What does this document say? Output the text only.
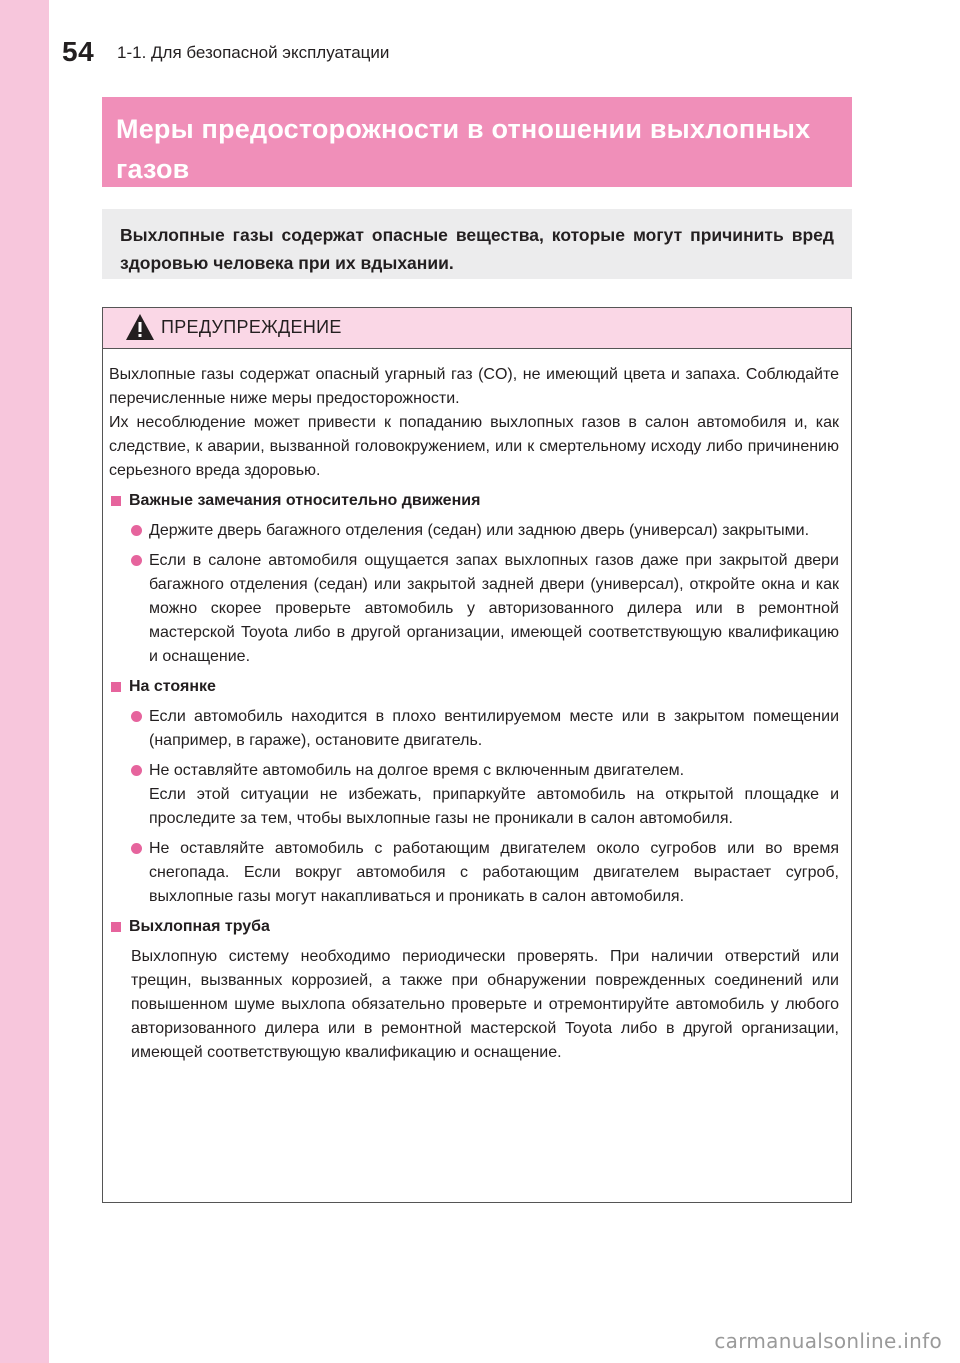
54 1-1. Для безопасной эксплуатации
Меры предосторожности в отношении выхлопных
газов
Выхлопные газы содержат опасные вещества, которые могут причинить вред здоровью человека при их вдыхании.
ПРЕДУПРЕЖДЕНИЕ

Выхлопные газы содержат опасный угарный газ (CO), не имеющий цвета и запаха. Соблюдайте перечисленные ниже меры предосторожности.

Их несоблюдение может привести к попаданию выхлопных газов в салон автомобиля и, как следствие, к аварии, вызванной головокружением, или к смертельному исходу либо причинению серьезного вреда здоровью.

Важные замечания относительно движения
Держите дверь багажного отделения (седан) или заднюю дверь (универсал) закрытыми.
Если в салоне автомобиля ощущается запах выхлопных газов даже при закрытой двери багажного отделения (седан) или закрытой задней двери (универсал), откройте окна и как можно скорее проверьте автомобиль у авторизованного дилера или в ремонтной мастерской Toyota либо в другой организации, имеющей соответствующую квалификацию и оснащение.
На стоянке
Если автомобиль находится в плохо вентилируемом месте или в закрытом помещении (например, в гараже), остановите двигатель.
Не оставляйте автомобиль на долгое время с включенным двигателем.
Если этой ситуации не избежать, припаркуйте автомобиль на открытой площадке и проследите за тем, чтобы выхлопные газы не проникали в салон автомобиля.
Не оставляйте автомобиль с работающим двигателем около сугробов или во время снегопада. Если вокруг автомобиля с работающим двигателем вырастает сугроб, выхлопные газы могут накапливаться и проникать в салон автомобиля.
Выхлопная труба
Выхлопную систему необходимо периодически проверять. При наличии отверстий или трещин, вызванных коррозией, а также при обнаружении поврежденных соединений или повышенном шуме выхлопа обязательно проверьте и отремонтируйте автомобиль у любого авторизованного дилера или в ремонтной мастерской Toyota либо в другой организации, имеющей соответствующую квалификацию и оснащение.
carmanualsonline.info
